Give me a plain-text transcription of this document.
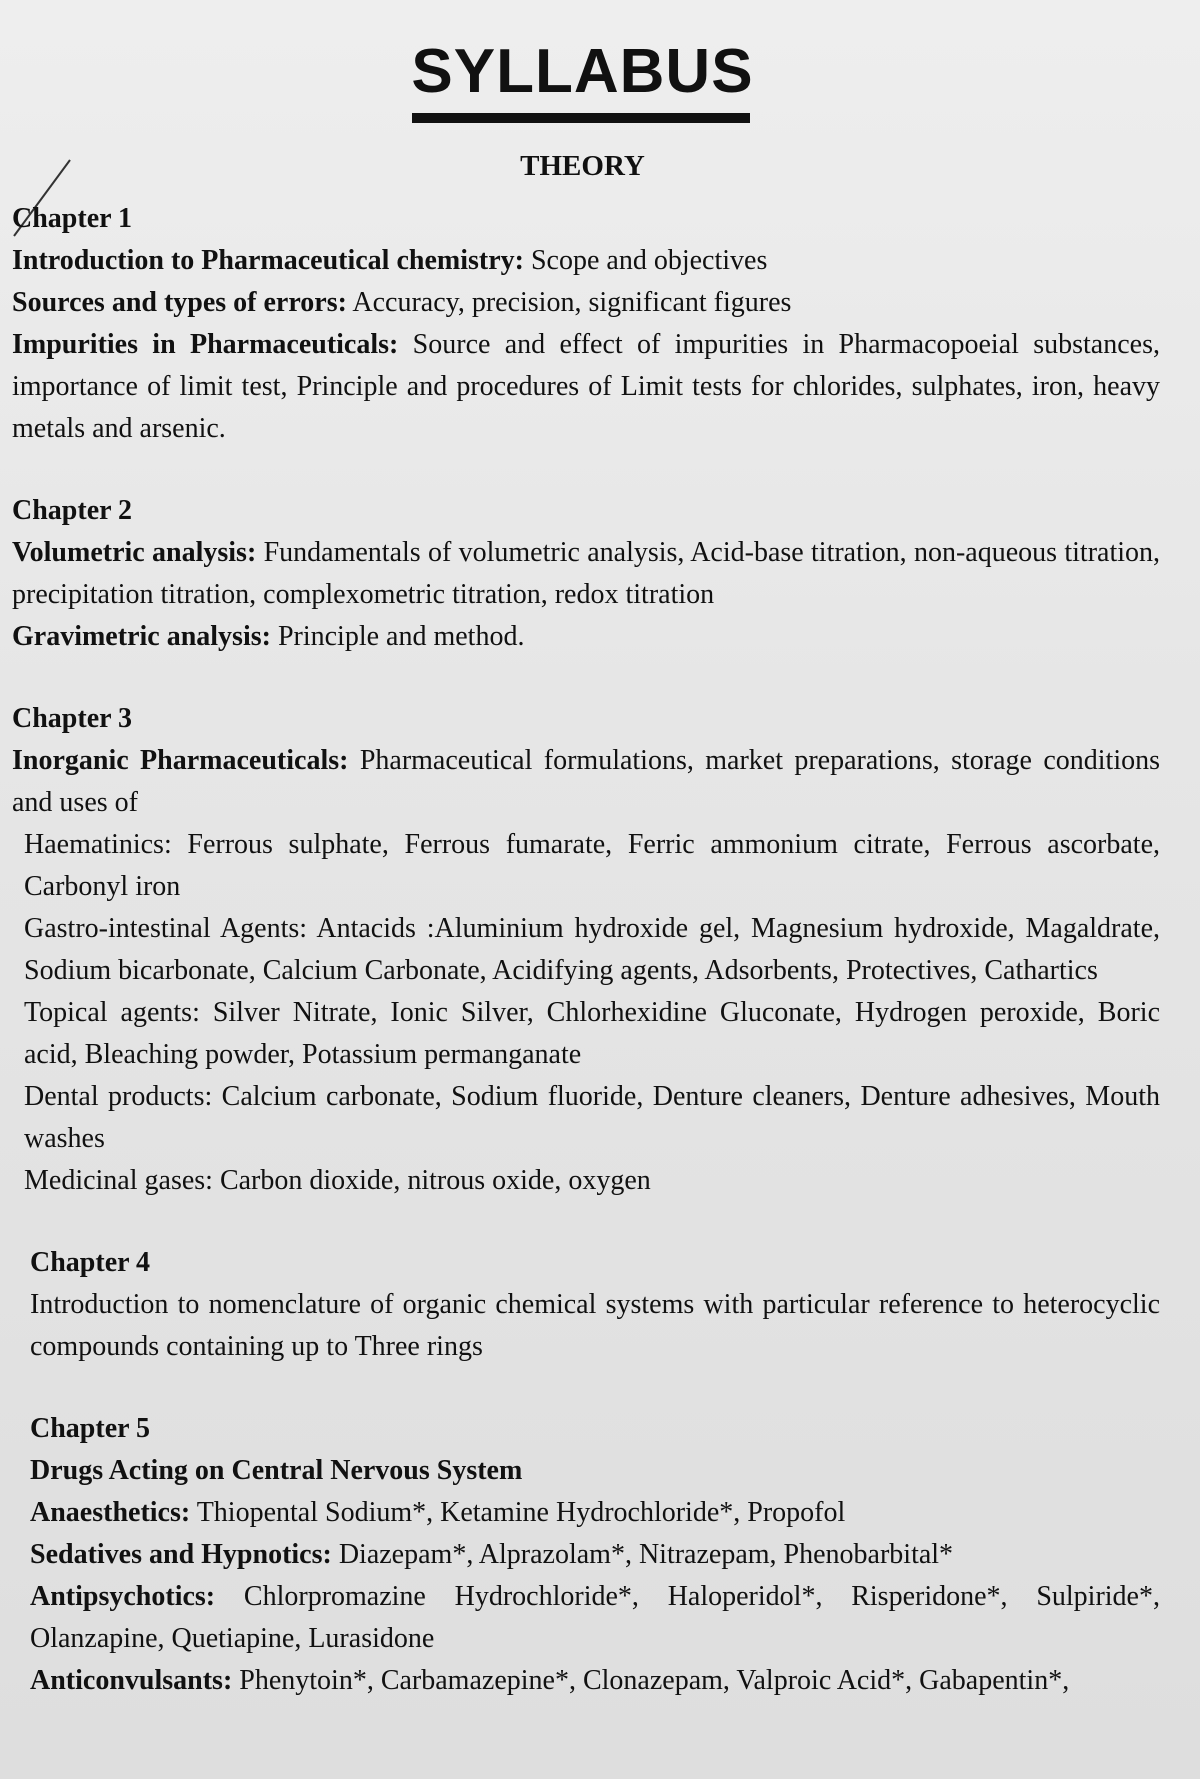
SYLLABUS
THEORY
Chapter 1
Introduction to Pharmaceutical chemistry: Scope and objectives
Sources and types of errors: Accuracy, precision, significant figures
Impurities in Pharmaceuticals: Source and effect of impurities in Pharmacopoeial substances, importance of limit test, Principle and procedures of Limit tests for chlorides, sulphates, iron, heavy metals and arsenic.
Chapter 2
Volumetric analysis: Fundamentals of volumetric analysis, Acid-base titration, non-aqueous titration, precipitation titration, complexometric titration, redox titration
Gravimetric analysis: Principle and method.
Chapter 3
Inorganic Pharmaceuticals: Pharmaceutical formulations, market preparations, storage conditions and uses of
Haematinics: Ferrous sulphate, Ferrous fumarate, Ferric ammonium citrate, Ferrous ascorbate, Carbonyl iron
Gastro-intestinal Agents: Antacids :Aluminium hydroxide gel, Magnesium hydroxide, Magaldrate, Sodium bicarbonate, Calcium Carbonate, Acidifying agents, Adsorbents, Protectives, Cathartics
Topical agents: Silver Nitrate, Ionic Silver, Chlorhexidine Gluconate, Hydrogen peroxide, Boric acid, Bleaching powder, Potassium permanganate
Dental products: Calcium carbonate, Sodium fluoride, Denture cleaners, Denture adhesives, Mouth washes
Medicinal gases: Carbon dioxide, nitrous oxide, oxygen
Chapter 4
Introduction to nomenclature of organic chemical systems with particular reference to heterocyclic compounds containing up to Three rings
Chapter 5
Drugs Acting on Central Nervous System
Anaesthetics: Thiopental Sodium*, Ketamine Hydrochloride*, Propofol
Sedatives and Hypnotics: Diazepam*, Alprazolam*, Nitrazepam, Phenobarbital*
Antipsychotics: Chlorpromazine Hydrochloride*, Haloperidol*, Risperidone*, Sulpiride*, Olanzapine, Quetiapine, Lurasidone
Anticonvulsants: Phenytoin*, Carbamazepine*, Clonazepam, Valproic Acid*, Gabapentin*,
